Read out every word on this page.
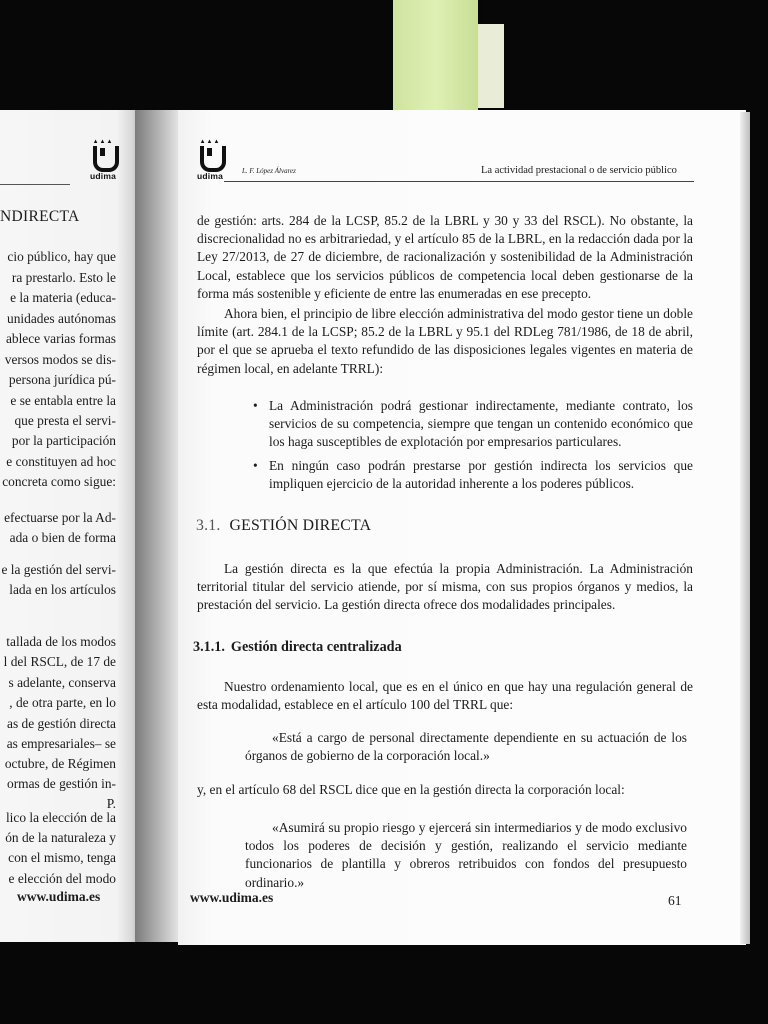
▲▲▲
udima
NDIRECTA
cio público, hay que
ra prestarlo. Esto le
e la materia (educa-
unidades autónomas
ablece varias formas
versos modos se dis-
persona jurídica pú-
e se entabla entre la
que presta el servi-
por la participación
e constituyen ad hoc
concreta como sigue:
efectuarse por la Ad-
ada o bien de forma
e la gestión del servi-
lada en los artículos
tallada de los modos
l del RSCL, de 17 de
s adelante, conserva
, de otra parte, en lo
as de gestión directa
as empresariales– se
octubre, de Régimen
ormas de gestión in-
P.
lico la elección de la
ón de la naturaleza y
con el mismo, tenga
e elección del modo
www.udima.es
▲▲▲
udima	L. F. López Álvarez	La actividad prestacional o de servicio público

de gestión: arts. 284 de la LCSP, 85.2 de la LBRL y 30 y 33 del RSCL). No obstante, la discrecionalidad no es arbitrariedad, y el artículo 85 de la LBRL, en la redacción dada por la Ley 27/2013, de 27 de diciembre, de racionalización y sostenibilidad de la Administración Local, establece que los servicios públicos de competencia local deben gestionarse de la forma más sostenible y eficiente de entre las enumeradas en ese precepto.

Ahora bien, el principio de libre elección administrativa del modo gestor tiene un doble límite (art. 284.1 de la LCSP; 85.2 de la LBRL y 95.1 del RDLeg 781/1986, de 18 de abril, por el que se aprueba el texto refundido de las disposiciones legales vigentes en materia de régimen local, en adelante TRRL):

• La Administración podrá gestionar indirectamente, mediante contrato, los servicios de su competencia, siempre que tengan un contenido económico que los haga susceptibles de explotación por empresarios particulares.
• En ningún caso podrán prestarse por gestión indirecta los servicios que impliquen ejercicio de la autoridad inherente a los poderes públicos.
3.1. GESTIÓN DIRECTA

La gestión directa es la que efectúa la propia Administración. La Administración territorial titular del servicio atiende, por sí misma, con sus propios órganos y medios, la prestación del servicio. La gestión directa ofrece dos modalidades principales.

3.1.1. Gestión directa centralizada

Nuestro ordenamiento local, que es en el único en que hay una regulación general de esta modalidad, establece en el artículo 100 del TRRL que:

«Está a cargo de personal directamente dependiente en su actuación de los órganos de gobierno de la corporación local.»

y, en el artículo 68 del RSCL dice que en la gestión directa la corporación local:

«Asumirá su propio riesgo y ejercerá sin intermediarios y de modo exclusivo todos los poderes de decisión y gestión, realizando el servicio mediante funcionarios de plantilla y obreros retribuidos con fondos del presupuesto ordinario.»

www.udima.es	61
